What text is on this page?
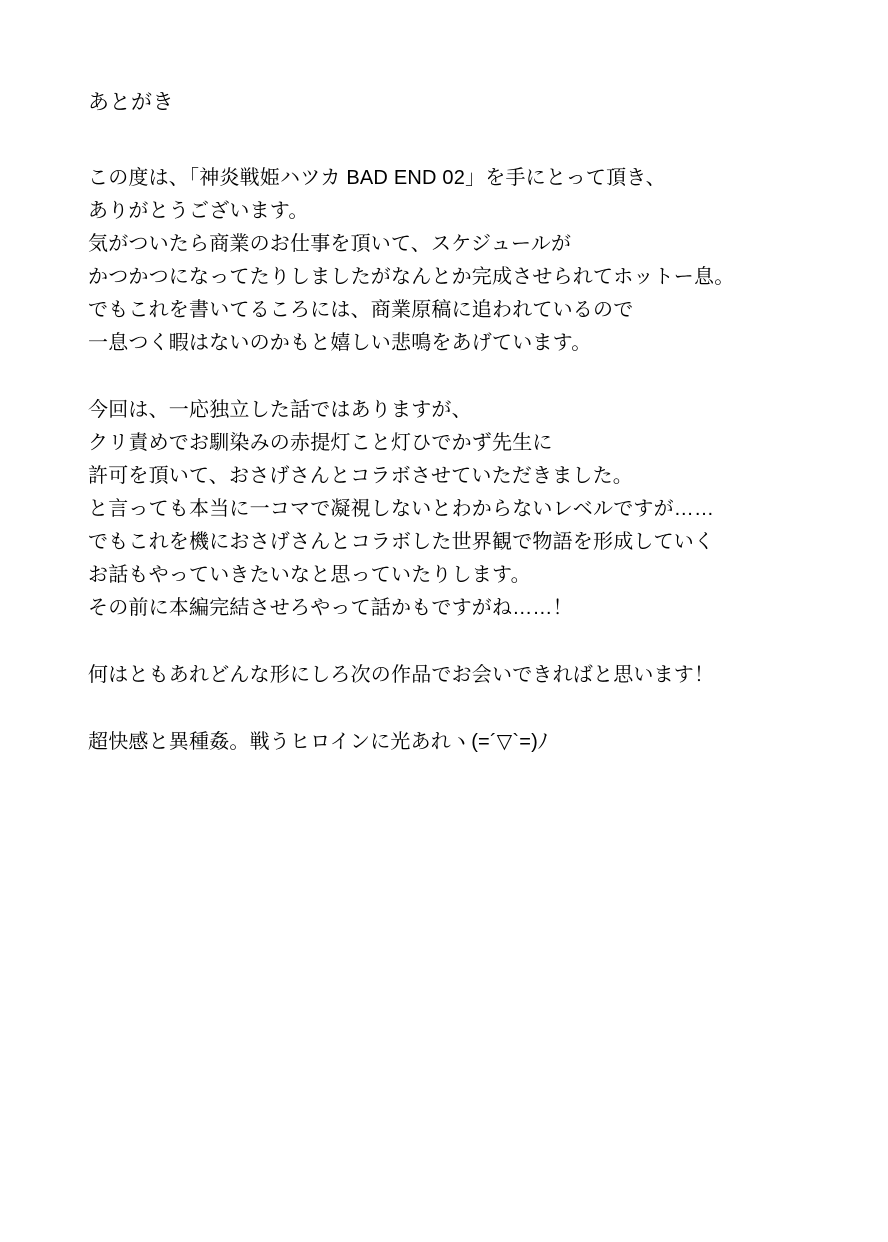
あとがき
この度は、「神炎戦姫ハツカ BAD END 02」を手にとって頂き、
ありがとうございます。
気がついたら商業のお仕事を頂いて、スケジュールが
かつかつになってたりしましたがなんとか完成させられてホットー息。
でもこれを書いてるころには、商業原稿に追われているので
一息つく暇はないのかもと嬉しい悲鳴をあげています。
今回は、一応独立した話ではありますが、
クリ責めでお馴染みの赤提灯こと灯ひでかず先生に
許可を頂いて、おさげさんとコラボさせていただきました。
と言っても本当に一コマで凝視しないとわからないレベルですが……
でもこれを機におさげさんとコラボした世界観で物語を形成していく
お話もやっていきたいなと思っていたりします。
その前に本編完結させろやって話かもですがね……！
何はともあれどんな形にしろ次の作品でお会いできればと思います！
超快感と異種姦。戦うヒロインに光あれヽ(=´▽`=)ﾉ
